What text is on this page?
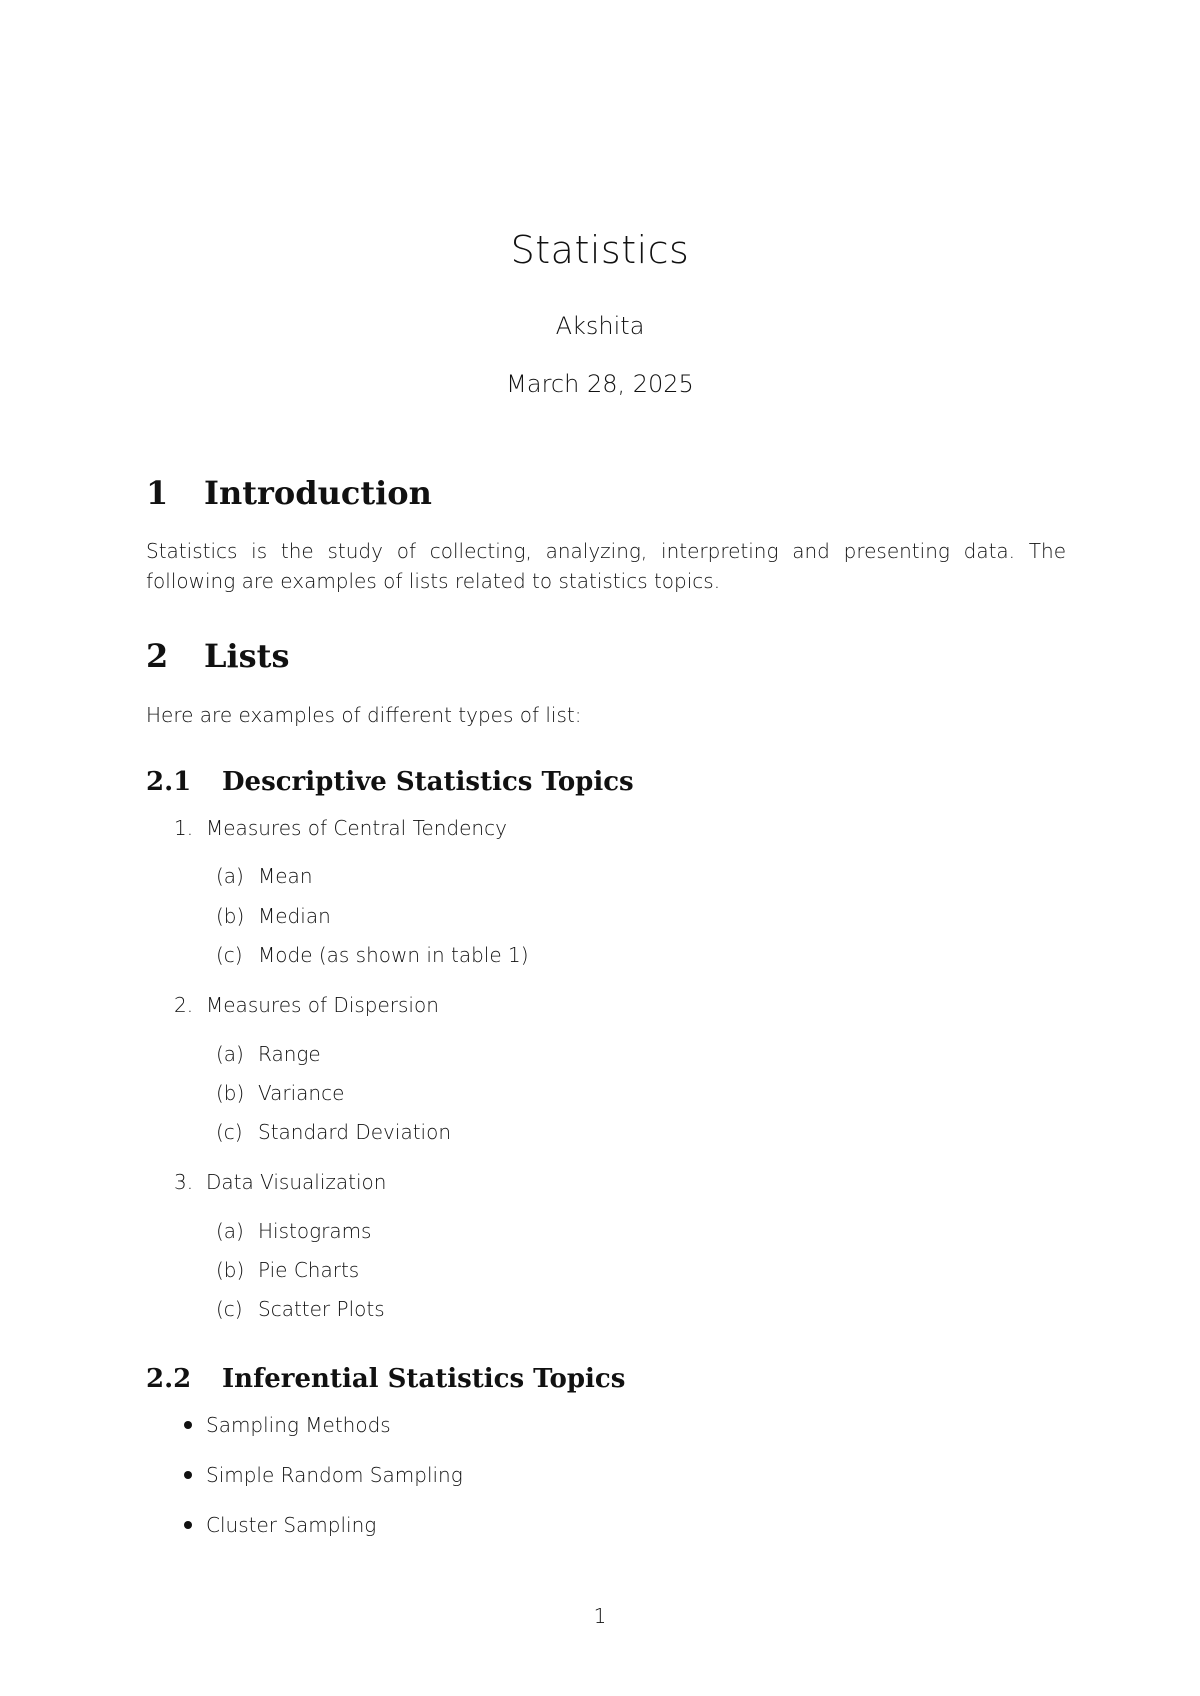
Statistics
Akshita
March 28, 2025
1 Introduction
Statistics is the study of collecting, analyzing, interpreting and presenting data. The
following are examples of lists related to statistics topics.
2 Lists
Here are examples of different types of list:
2.1 Descriptive Statistics Topics
1. Measures of Central Tendency
(a) Mean
(b) Median
(c) Mode (as shown in table 1)
2. Measures of Dispersion
(a) Range
(b) Variance
(c) Standard Deviation
3. Data Visualization
(a) Histograms
(b) Pie Charts
(c) Scatter Plots
2.2 Inferential Statistics Topics
Sampling Methods
Simple Random Sampling
Cluster Sampling
1
